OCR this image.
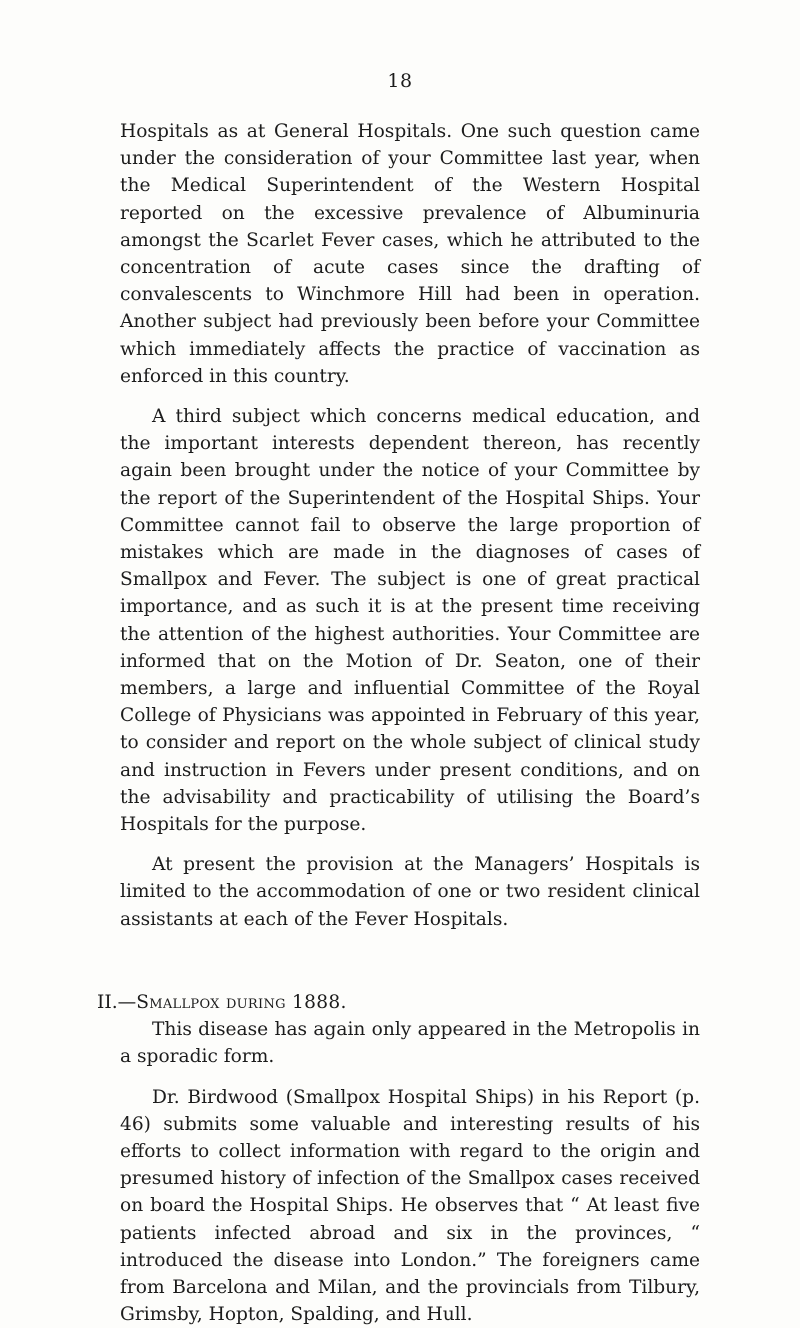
18

Hospitals as at General Hospitals. One such question came under the consideration of your Committee last year, when the Medical Superintendent of the Western Hospital reported on the excessive prevalence of Albuminuria amongst the Scarlet Fever cases, which he attributed to the concentration of acute cases since the drafting of convalescents to Winchmore Hill had been in operation. Another subject had previously been before your Committee which immediately affects the practice of vaccination as enforced in this country.

A third subject which concerns medical education, and the important interests dependent thereon, has recently again been brought under the notice of your Committee by the report of the Superintendent of the Hospital Ships. Your Committee cannot fail to observe the large proportion of mistakes which are made in the diagnoses of cases of Smallpox and Fever. The subject is one of great practical importance, and as such it is at the present time receiving the attention of the highest authorities. Your Committee are informed that on the Motion of Dr. Seaton, one of their members, a large and influential Committee of the Royal College of Physicians was appointed in February of this year, to consider and report on the whole subject of clinical study and instruction in Fevers under present conditions, and on the advisability and practicability of utilising the Board’s Hospitals for the purpose.

At present the provision at the Managers’ Hospitals is limited to the accommodation of one or two resident clinical assistants at each of the Fever Hospitals.

II.—Smallpox during 1888.

This disease has again only appeared in the Metropolis in a sporadic form.

Dr. Birdwood (Smallpox Hospital Ships) in his Report (p. 46) submits some valuable and interesting results of his efforts to collect information with regard to the origin and presumed history of infection of the Smallpox cases received on board the Hospital Ships. He observes that “ At least five patients infected abroad and six in the provinces, “ introduced the disease into London.” The foreigners came from Barcelona and Milan, and the provincials from Tilbury, Grimsby, Hopton, Spalding, and Hull.
